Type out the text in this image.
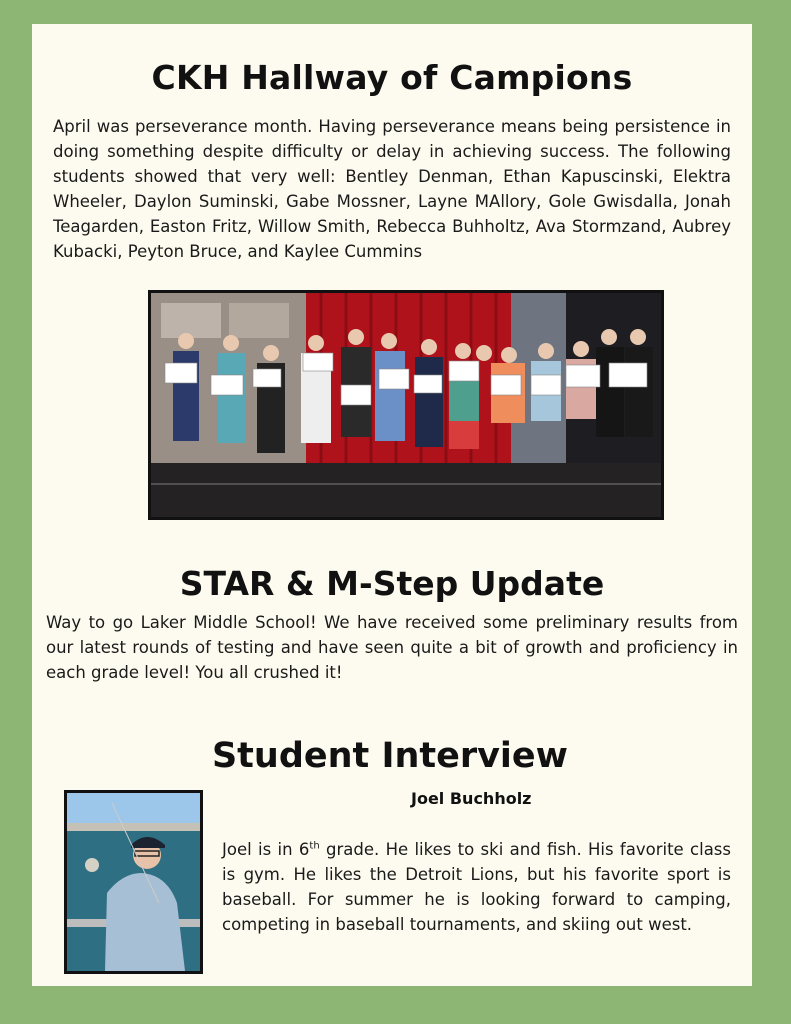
CKH Hallway of Campions

April was perseverance month. Having perseverance means being persistence in doing something despite difficulty or delay in achieving success. The following students showed that very well: Bentley Denman, Ethan Kapuscinski, Elektra Wheeler, Daylon Suminski, Gabe Mossner, Layne MAllory, Gole Gwisdalla, Jonah Teagarden, Easton Fritz, Willow Smith, Rebecca Buhholtz, Ava Stormzand, Aubrey Kubacki, Peyton Bruce, and Kaylee Cummins

STAR & M-Step Update

Way to go Laker Middle School! We have received some preliminary results from our latest rounds of testing and have seen quite a bit of growth and proficiency in each grade level! You all crushed it!

Student Interview
Joel Buchholz

Joel is in 6th grade. He likes to ski and fish. His favorite class is gym. He likes the Detroit Lions, but his favorite sport is baseball. For summer he is looking forward to camping, competing in baseball tournaments, and skiing out west.
